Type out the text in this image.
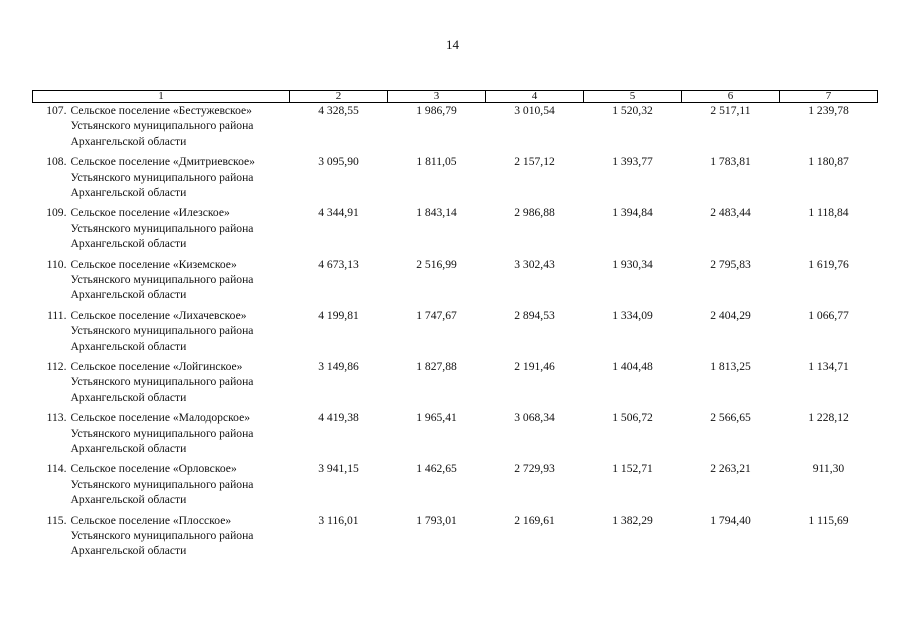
14
1	2	3	4	5	6	7

107. Сельское поселение «Бестужевское»
Устьянского муниципального района
Архангельской области	4 328,55	1 986,79	3 010,54	1 520,32	2 517,11	1 239,78

108. Сельское поселение «Дмитриевское»
Устьянского муниципального района
Архангельской области	3 095,90	1 811,05	2 157,12	1 393,77	1 783,81	1 180,87

109. Сельское поселение «Илезское»
Устьянского муниципального района
Архангельской области	4 344,91	1 843,14	2 986,88	1 394,84	2 483,44	1 118,84

110. Сельское поселение «Киземское»
Устьянского муниципального района
Архангельской области	4 673,13	2 516,99	3 302,43	1 930,34	2 795,83	1 619,76

111. Сельское поселение «Лихачевское»
Устьянского муниципального района
Архангельской области	4 199,81	1 747,67	2 894,53	1 334,09	2 404,29	1 066,77

112. Сельское поселение «Лойгинское»
Устьянского муниципального района
Архангельской области	3 149,86	1 827,88	2 191,46	1 404,48	1 813,25	1 134,71

113. Сельское поселение «Малодорское»
Устьянского муниципального района
Архангельской области	4 419,38	1 965,41	3 068,34	1 506,72	2 566,65	1 228,12

114. Сельское поселение «Орловское»
Устьянского муниципального района
Архангельской области	3 941,15	1 462,65	2 729,93	1 152,71	2 263,21	911,30

115. Сельское поселение «Плосское»
Устьянского муниципального района
Архангельской области	3 116,01	1 793,01	2 169,61	1 382,29	1 794,40	1 115,69
